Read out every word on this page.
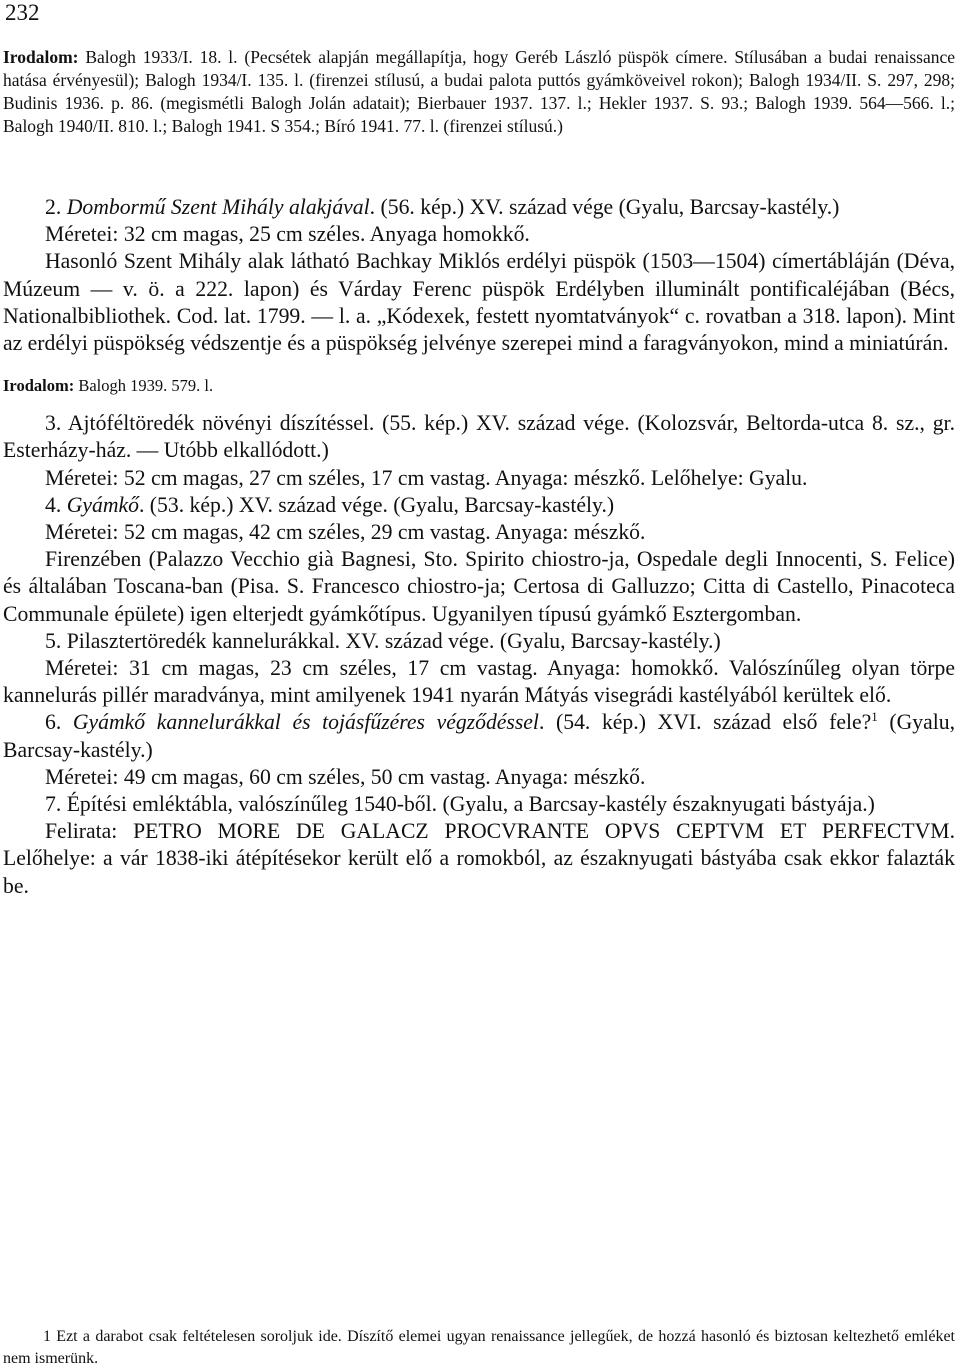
232

Irodalom: Balogh 1933/I. 18. l. (Pecsétek alapján megállapítja, hogy Geréb László püspök címere. Stílusában a budai renaissance hatása érvényesül); Balogh 1934/I. 135. l. (firenzei stílusú, a budai palota puttós gyámköveivel rokon); Balogh 1934/II. S. 297, 298; Budinis 1936. p. 86. (megismétli Balogh Jolán adatait); Bierbauer 1937. 137. l.; Hekler 1937. S. 93.; Balogh 1939. 564—566. l.; Balogh 1940/II. 810. l.; Balogh 1941. S 354.; Bíró 1941. 77. l. (firenzei stílusú.)

2. Dombormű Szent Mihály alakjával. (56. kép.) XV. század vége (Gyalu, Barcsay-kastély.)

Méretei: 32 cm magas, 25 cm széles. Anyaga homokkő.

Hasonló Szent Mihály alak látható Bachkay Miklós erdélyi püspök (1503—1504) címertábláján (Déva, Múzeum — v. ö. a 222. lapon) és Várday Ferenc püspök Erdélyben illuminált pontificaléjában (Bécs, Nationalbibliothek. Cod. lat. 1799. — l. a. „Kódexek, festett nyomtatványok“ c. rovatban a 318. lapon). Mint az erdélyi püspökség védszentje és a püspökség jelvénye szerepei mind a faragványokon, mind a miniatúrán.

Irodalom: Balogh 1939. 579. l.

3. Ajtóféltöredék növényi díszítéssel. (55. kép.) XV. század vége. (Kolozsvár, Beltorda-utca 8. sz., gr. Esterházy-ház. — Utóbb elkallódott.)

Méretei: 52 cm magas, 27 cm széles, 17 cm vastag. Anyaga: mészkő. Lelőhelye: Gyalu.

4. Gyámkő. (53. kép.) XV. század vége. (Gyalu, Barcsay-kastély.)

Méretei: 52 cm magas, 42 cm széles, 29 cm vastag. Anyaga: mészkő.

Firenzében (Palazzo Vecchio già Bagnesi, Sto. Spirito chiostro-ja, Ospedale degli Innocenti, S. Felice) és általában Toscana-ban (Pisa. S. Francesco chiostro-ja; Certosa di Galluzzo; Citta di Castello, Pinacoteca Communale épülete) igen elterjedt gyámkőtípus. Ugyanilyen típusú gyámkő Esztergomban.

5. Pilasztertöredék kannelurákkal. XV. század vége. (Gyalu, Barcsay-kastély.)

Méretei: 31 cm magas, 23 cm széles, 17 cm vastag. Anyaga: homokkő. Valószínűleg olyan törpe kannelurás pillér maradványa, mint amilyenek 1941 nyarán Mátyás visegrádi kastélyából kerültek elő.

6. Gyámkő kannelurákkal és tojásfűzéres végződéssel. (54. kép.) XVI. század első fele?$^1$ (Gyalu, Barcsay-kastély.)

Méretei: 49 cm magas, 60 cm széles, 50 cm vastag. Anyaga: mészkő.

7. Építési emléktábla, valószínűleg 1540-ből. (Gyalu, a Barcsay-kastély északnyugati bástyája.)

Felirata: PETRO MORE DE GALACZ PROCVRANTE OPVS CEPTVM ET PERFECTVM. Lelőhelye: a vár 1838-iki átépítésekor került elő a romokból, az északnyugati bástyába csak ekkor falazták be.

1 Ezt a darabot csak feltételesen soroljuk ide. Díszítő elemei ugyan renaissance jellegűek, de hozzá hasonló és biztosan keltezhető emléket nem ismerünk.
